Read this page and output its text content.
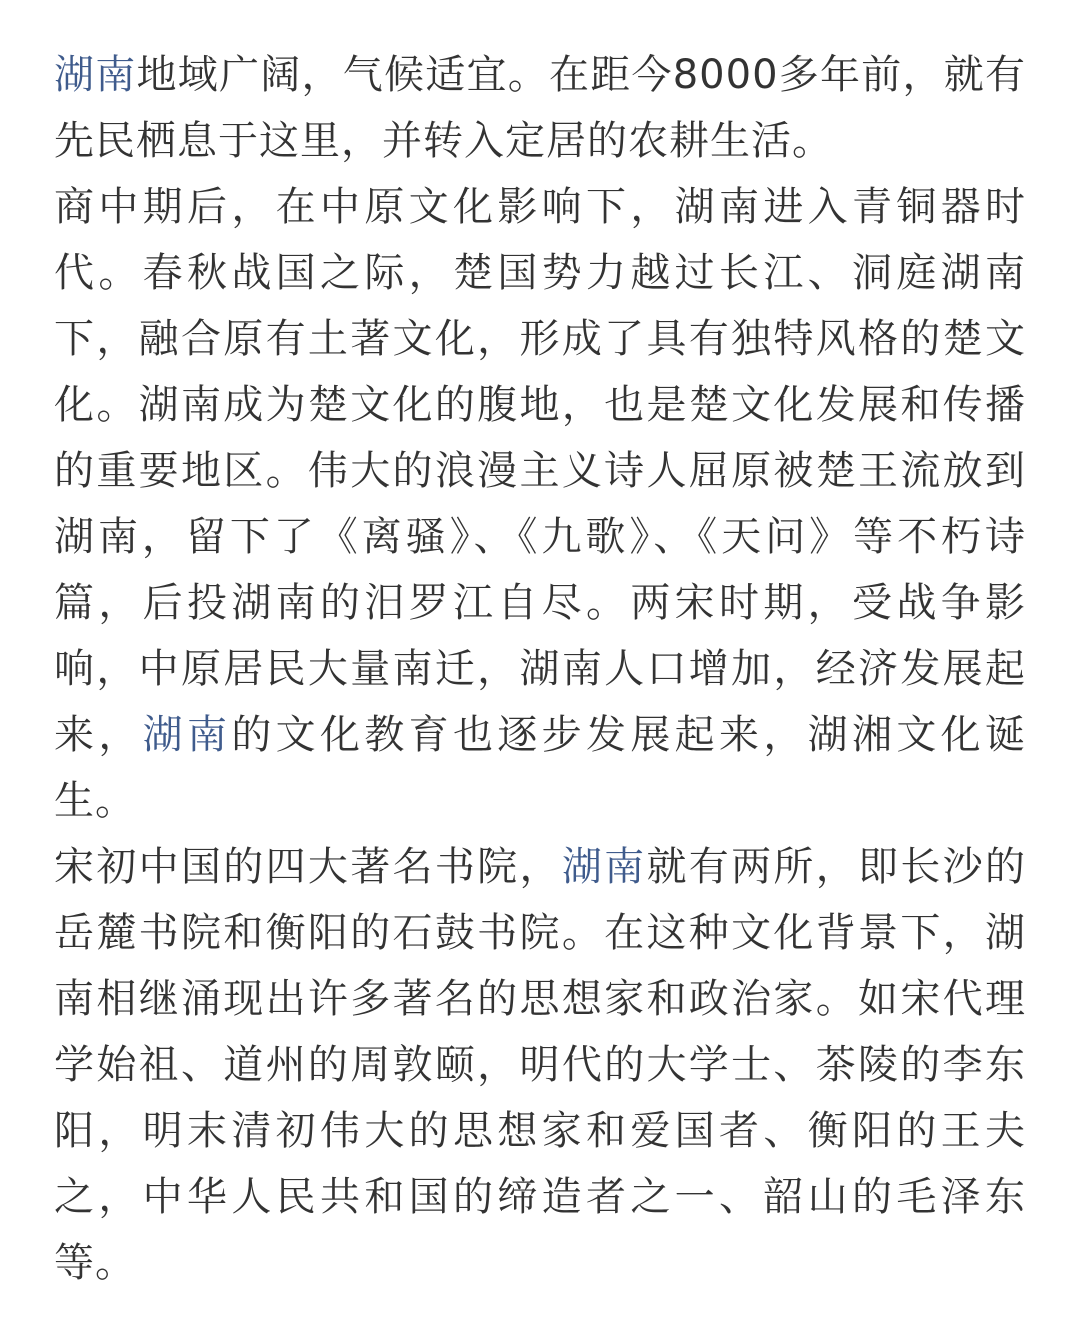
湖南地域广阔，气候适宜。在距今8000多年前，就有先民栖息于这里，并转入定居的农耕生活。

商中期后，在中原文化影响下，湖南进入青铜器时代。春秋战国之际，楚国势力越过长江、洞庭湖南下，融合原有土著文化，形成了具有独特风格的楚文化。湖南成为楚文化的腹地，也是楚文化发展和传播的重要地区。伟大的浪漫主义诗人屈原被楚王流放到湖南，留下了《离骚》、《九歌》、《天问》等不朽诗篇，后投湖南的汨罗江自尽。两宋时期，受战争影响，中原居民大量南迁，湖南人口增加，经济发展起来，湖南的文化教育也逐步发展起来，湖湘文化诞生。

宋初中国的四大著名书院，湖南就有两所，即长沙的岳麓书院和衡阳的石鼓书院。在这种文化背景下，湖南相继涌现出许多著名的思想家和政治家。如宋代理学始祖、道州的周敦颐，明代的大学士、茶陵的李东阳，明末清初伟大的思想家和爱国者、衡阳的王夫之，中华人民共和国的缔造者之一、韶山的毛泽东等。
